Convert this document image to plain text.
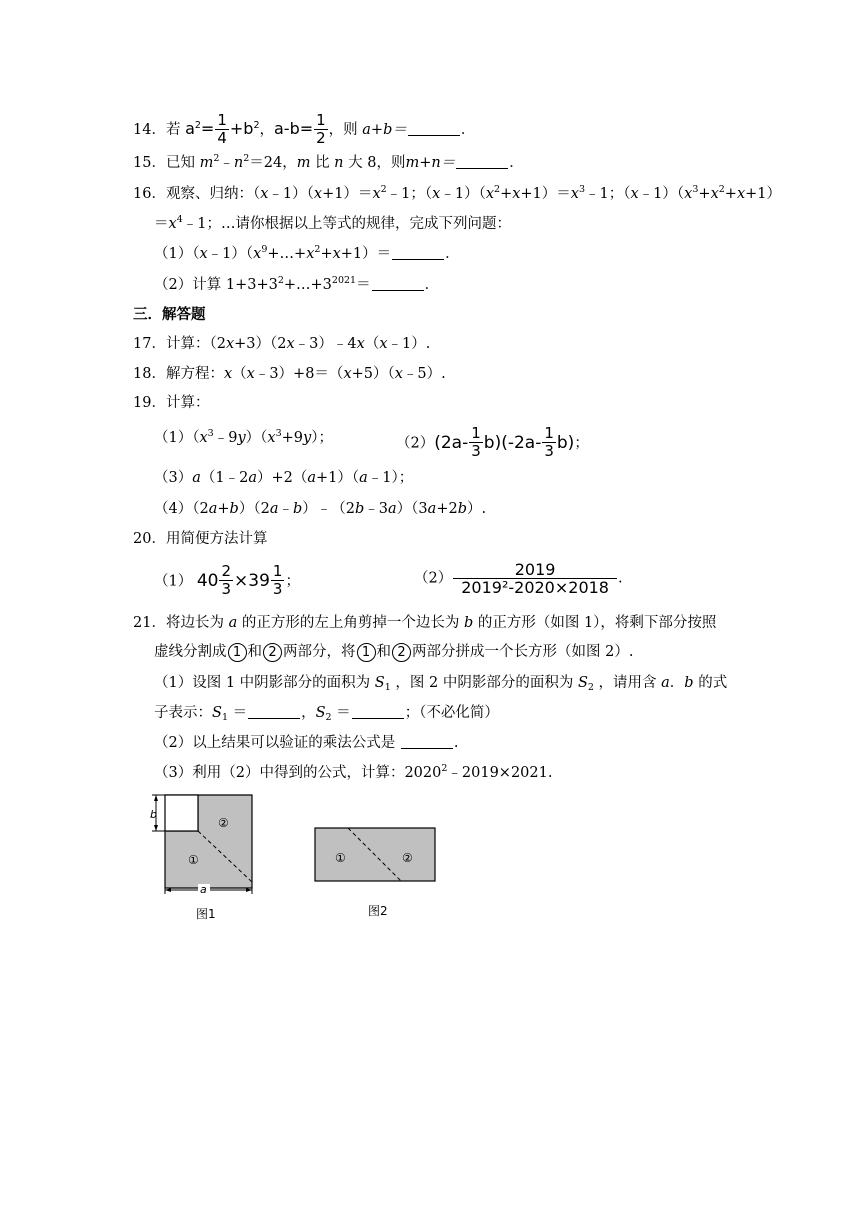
14．若 $a^2= \frac{1}{4} +b^2$，$a-b= \frac{1}{2}$ ，则 a+b＝	．
15．已知 $m^2﹣n^2=24$，m 比 n 大 8，则m+n＝	．
16．观察、归纳：$(x﹣1)(x+1)=x^2﹣1$；$(x﹣1)(x^2+x+1)=x^3﹣1$；$(x﹣1)(x^3+x^2+x+1)$
$=x^4﹣1$；…请你根据以上等式的规律，完成下列问题：
$(1)(x﹣1)(x^9+\dots+x^2+x+1)=$	．
（2）计算 $1+3+3^2+\dots+3^{2021}=$	．
三．解答题
17．计算：（2x+3）（2x﹣3）﹣4x（x﹣1）.
18．解方程：x（x﹣3）+8＝（x+5）（x﹣5）.
19．计算：
$(1)(x^3﹣9y)(x^3+9y)$；	$(2)(2a- \frac{1}{3} b)(-2a- \frac{1}{3} b)$；
（3）a（1﹣2a）+2（a+1）（a﹣1）；
（4）（2a+b）（2a﹣b）﹣（2b﹣3a）（3a+2b）.
20．用简便方法计算
（1） $40 \frac{2}{3} \times 39 \frac{1}{3}$ ；	$(2) \frac{2019}{\text{2019²-2020×2018}}$ .
21．将边长为 a 的正方形的左上角剪掉一个边长为 b 的正方形（如图 1），将剩下部分按照
虚线分割成 1 和 2 两部分，将 1 和 2 两部分拼成一个长方形（如图 2）.
（1）设图 1 中阴影部分的面积为 $S_1$ ，图 2 中阴影部分的面积为 $S_2$ ，请用含 a．b 的式
子表示：$S_1$ ＝	，$S_2$ ＝	；（不必化简）
（2）以上结果可以验证的乘法公式是	.
（3）利用（2）中得到的公式，计算：$2020^2﹣2019\times 2021$.
b
a
②
①
图1
①	②
图2
